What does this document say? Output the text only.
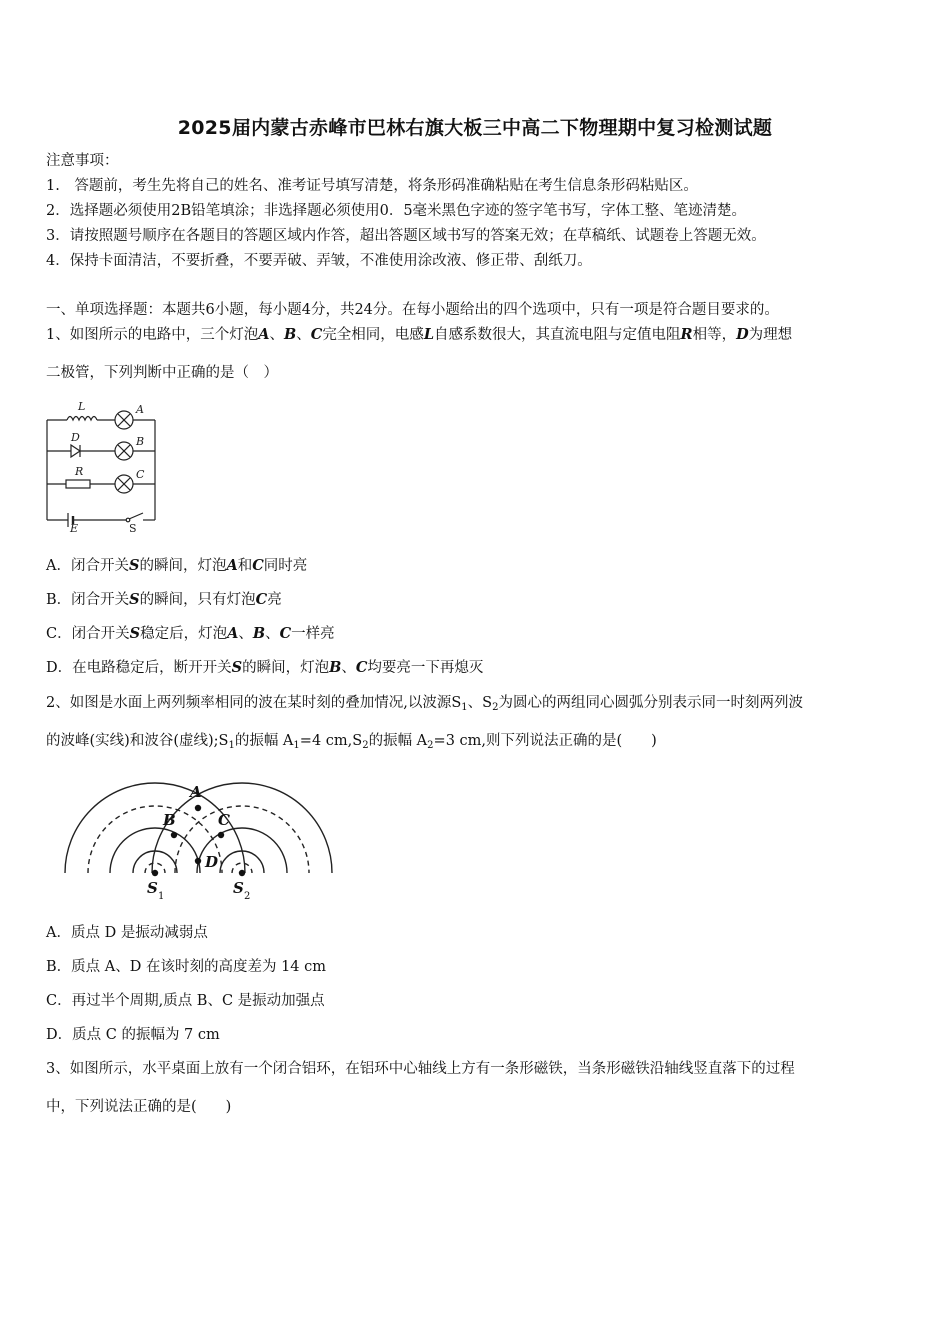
2025届内蒙古赤峰市巴林右旗大板三中高二下物理期中复习检测试题
注意事项：
1.　答题前，考生先将自己的姓名、准考证号填写清楚，将条形码准确粘贴在考生信息条形码粘贴区。
2．选择题必须使用2B铅笔填涂；非选择题必须使用0．5毫米黑色字迹的签字笔书写，字体工整、笔迹清楚。
3．请按照题号顺序在各题目的答题区域内作答，超出答题区域书写的答案无效；在草稿纸、试题卷上答题无效。
4．保持卡面清洁，不要折叠，不要弄破、弄皱，不准使用涂改液、修正带、刮纸刀。
一、单项选择题：本题共6小题，每小题4分，共24分。在每小题给出的四个选项中，只有一项是符合题目要求的。
1、如图所示的电路中，三个灯泡A、B、C完全相同，电感L自感系数很大，其直流电阻与定值电阻R相等，D为理想
二极管，下列判断中正确的是（　）
L	A
D	B
R	C
E	S
A．闭合开关S的瞬间，灯泡A和C同时亮
B．闭合开关S的瞬间，只有灯泡C亮
C．闭合开关S稳定后，灯泡A、B、C一样亮
D．在电路稳定后，断开开关S的瞬间，灯泡B、C均要亮一下再熄灭
2、如图是水面上两列频率相同的波在某时刻的叠加情况,以波源$S_1$、$S_2$为圆心的两组同心圆弧分别表示同一时刻两列波
的波峰(实线)和波谷(虚线)$;S_1$的振幅 $A_1=4$ $cm,S_2$的振幅 $A_2=3$ cm,则下列说法正确的是(　　)
A
B	C
D
S 1	S 2
A．质点 D 是振动减弱点
B．质点 A、D 在该时刻的高度差为 14 cm
C．再过半个周期,质点 B、C 是振动加强点
D．质点 C 的振幅为 7 cm
3、如图所示，水平桌面上放有一个闭合铝环，在铝环中心轴线上方有一条形磁铁，当条形磁铁沿轴线竖直落下的过程
中，下列说法正确的是(　　)
